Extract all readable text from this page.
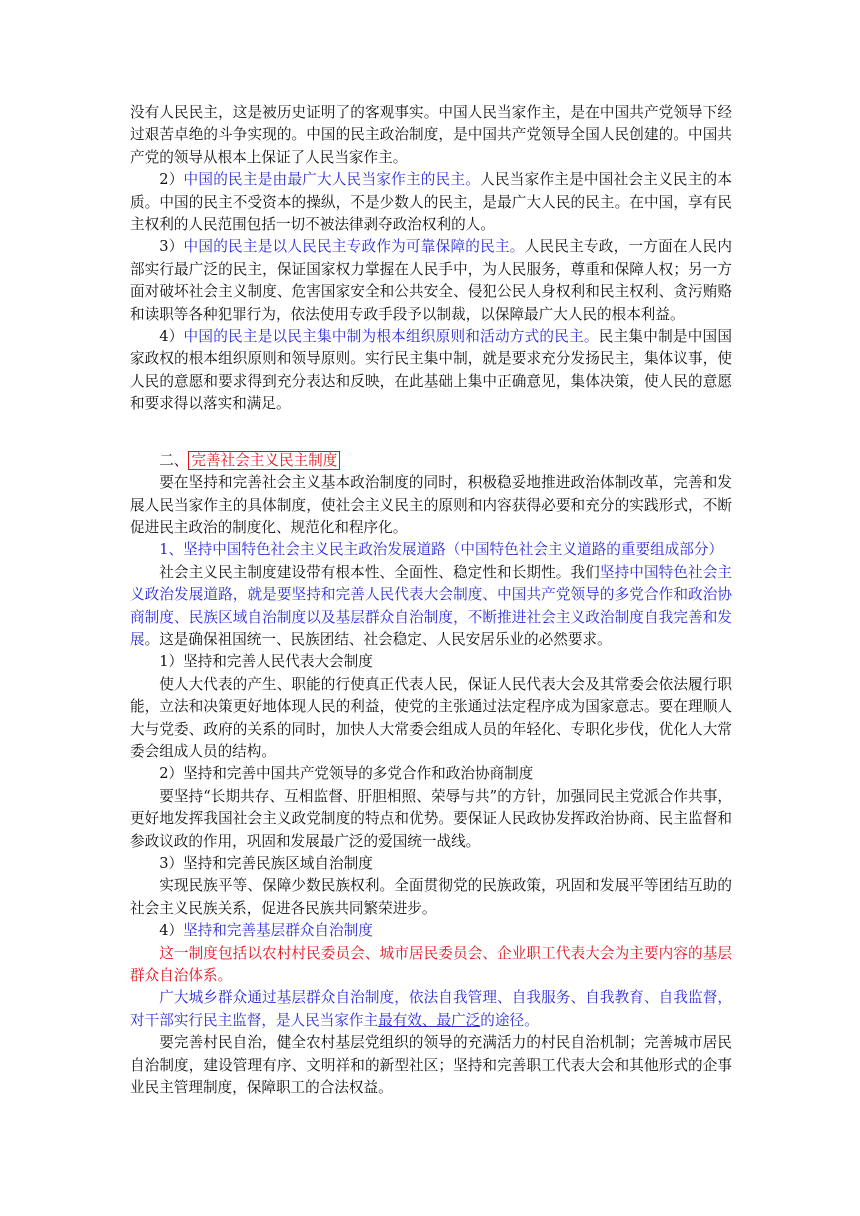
没有人民民主，这是被历史证明了的客观事实。中国人民当家作主，是在中国共产党领导下经过艰苦卓绝的斗争实现的。中国的民主政治制度，是中国共产党领导全国人民创建的。中国共产党的领导从根本上保证了人民当家作主。

2）中国的民主是由最广大人民当家作主的民主。人民当家作主是中国社会主义民主的本质。中国的民主不受资本的操纵，不是少数人的民主，是最广大人民的民主。在中国，享有民主权利的人民范围包括一切不被法律剥夺政治权利的人。

3）中国的民主是以人民民主专政作为可靠保障的民主。人民民主专政，一方面在人民内部实行最广泛的民主，保证国家权力掌握在人民手中，为人民服务，尊重和保障人权；另一方面对破坏社会主义制度、危害国家安全和公共安全、侵犯公民人身权利和民主权利、贪污贿赂和读职等各种犯罪行为，依法使用专政手段予以制裁，以保障最广大人民的根本利益。

4）中国的民主是以民主集中制为根本组织原则和活动方式的民主。民主集中制是中国国家政权的根本组织原则和领导原则。实行民主集中制，就是要求充分发扬民主，集体议事，使人民的意愿和要求得到充分表达和反映，在此基础上集中正确意见，集体决策，使人民的意愿和要求得以落实和满足。

二、 完善社会主义民主制度

要在坚持和完善社会主义基本政治制度的同时，积极稳妥地推进政治体制改革，完善和发展人民当家作主的具体制度，使社会主义民主的原则和内容获得必要和充分的实践形式，不断促进民主政治的制度化、规范化和程序化。

1、坚持中国特色社会主义民主政治发展道路（中国特色社会主义道路的重要组成部分）

社会主义民主制度建设带有根本性、全面性、稳定性和长期性。我们坚持中国特色社会主义政治发展道路，就是要坚持和完善人民代表大会制度、中国共产党领导的多党合作和政治协商制度、民族区域自治制度以及基层群众自治制度，不断推进社会主义政治制度自我完善和发展。这是确保祖国统一、民族团结、社会稳定、人民安居乐业的必然要求。

1）坚持和完善人民代表大会制度

使人大代表的产生、职能的行使真正代表人民，保证人民代表大会及其常委会依法履行职能，立法和决策更好地体现人民的利益，使党的主张通过法定程序成为国家意志。要在理顺人大与党委、政府的关系的同时，加快人大常委会组成人员的年轻化、专职化步伐，优化人大常委会组成人员的结构。

2）坚持和完善中国共产党领导的多党合作和政治协商制度

要坚持“长期共存、互相监督、肝胆相照、荣辱与共”的方针，加强同民主党派合作共事，更好地发挥我国社会主义政党制度的特点和优势。要保证人民政协发挥政治协商、民主监督和参政议政的作用，巩固和发展最广泛的爱国统一战线。

3）坚持和完善民族区域自治制度

实现民族平等、保障少数民族权利。全面贯彻党的民族政策，巩固和发展平等团结互助的社会主义民族关系，促进各民族共同繁荣进步。

4）坚持和完善基层群众自治制度

这一制度包括以农村村民委员会、城市居民委员会、企业职工代表大会为主要内容的基层群众自治体系。

广大城乡群众通过基层群众自治制度，依法自我管理、自我服务、自我教育、自我监督，对干部实行民主监督，是人民当家作主最有效、最广泛的途径。

要完善村民自治，健全农村基层党组织的领导的充满活力的村民自治机制；完善城市居民自治制度，建设管理有序、文明祥和的新型社区；坚持和完善职工代表大会和其他形式的企事业民主管理制度，保障职工的合法权益。
